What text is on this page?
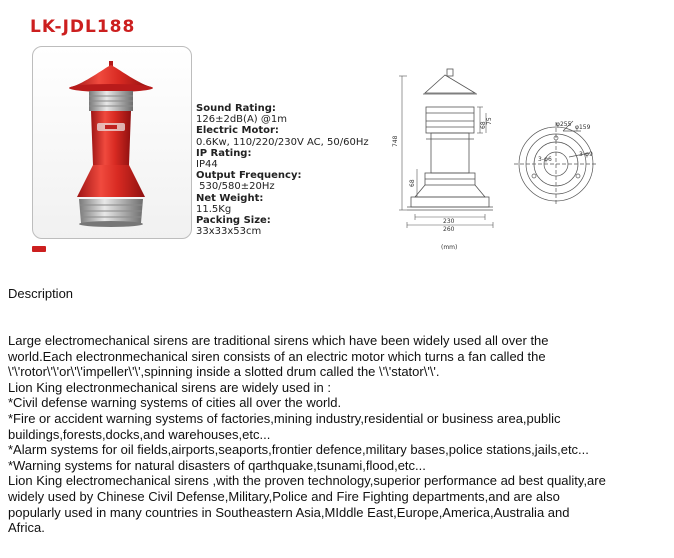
LK-JDL188
Sound Rating:
126±2dB(A) @1m
Electric Motor:
0.6Kw, 110/220/230V AC, 50/60Hz
IP Rating:
IP44
Output Frequency:
530/580±20Hz
Net Weight:
11.5Kg
Packing Size:
33x33x53cm
748
75
68
68
230
260
(mm)
φ255 φ159
3-φ6
3-φ9
Description
Large electromechanical sirens are traditional sirens which have been widely used all over the
world.Each electronmechanical siren consists of an electric motor which turns a fan called the
\'\'rotor\'\'or\'\'impeller\'\',spinning inside a slotted drum called the \'\'stator\'\'.
Lion King electronmechanical sirens are widely used in :
*Civil defense warning systems of cities all over the world.
*Fire or accident warning systems of factories,mining industry,residential or business area,public
buildings,forests,docks,and warehouses,etc...
*Alarm systems for oil fields,airports,seaports,frontier defence,military bases,police stations,jails,etc...
*Warning systems for natural disasters of qarthquake,tsunami,flood,etc...
Lion King electromechanical sirens ,with the proven technology,superior performance ad best quality,are
widely used by Chinese Civil Defense,Military,Police and Fire Fighting departments,and are also
popularly used in many countries in Southeastern Asia,MIddle East,Europe,America,Australia and
Africa.
